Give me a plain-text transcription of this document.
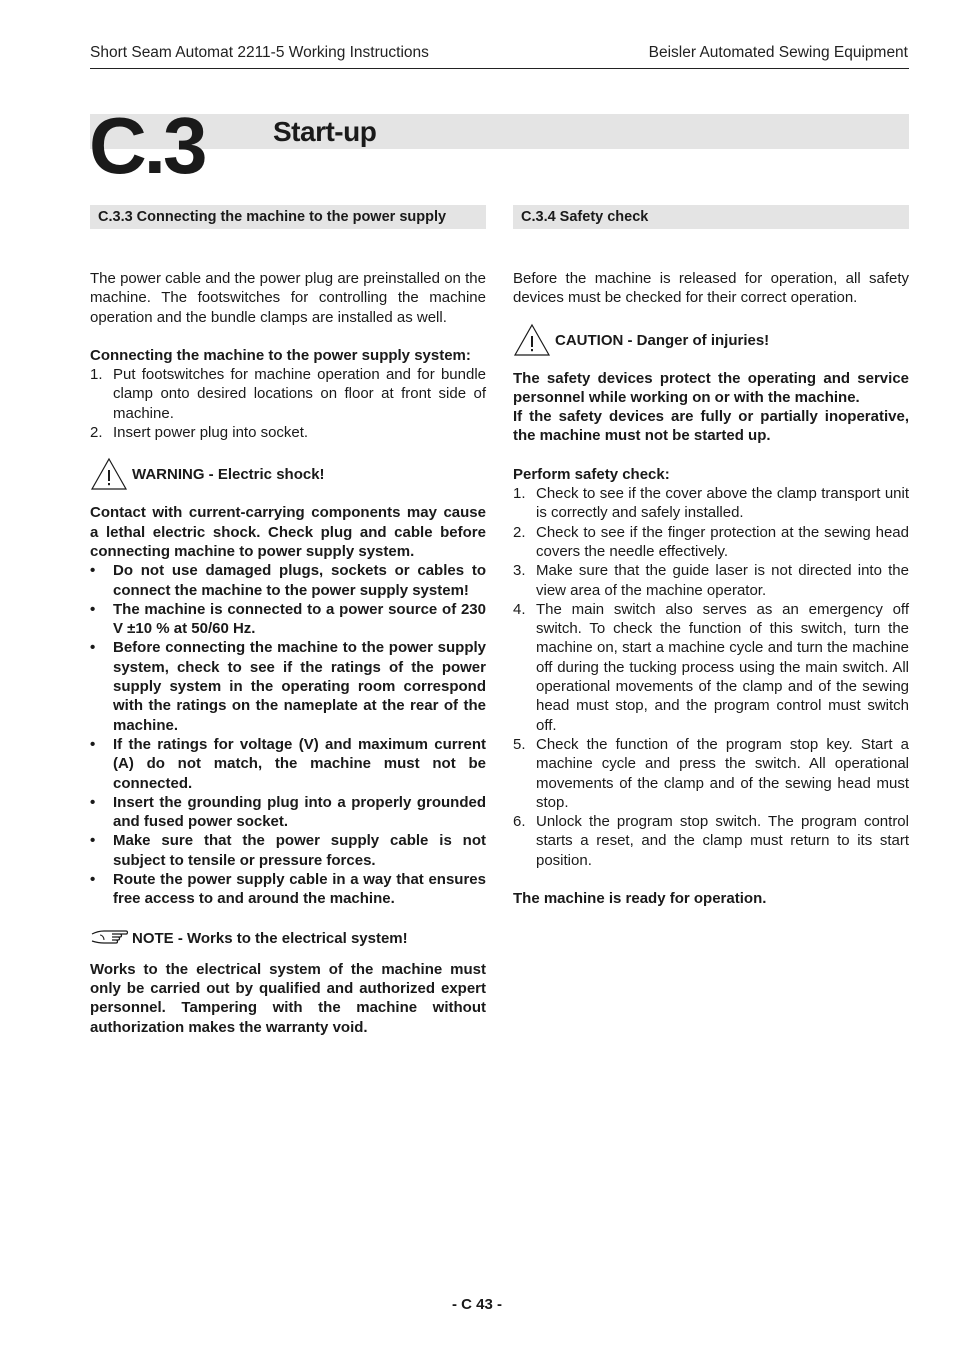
Short Seam Automat 2211-5 Working Instructions	Beisler Automated Sewing Equipment
C.3 Start-up
C.3.3 Connecting the machine to the power supply

The power cable and the power plug are preinstalled on the machine. The footswitches for controlling the machine operation and the bundle clamps are installed as well.

Connecting the machine to the power supply system:

1. Put footswitches for machine operation and for bundle clamp onto desired locations on floor at front side of machine.
2. Insert power plug into socket.
WARNING - Electric shock!

Contact with current-carrying components may cause a lethal electric shock. Check plug and cable before connecting machine to power supply system.

• Do not use damaged plugs, sockets or cables to connect the machine to the power supply system!
• The machine is connected to a power source of 230 V ±10 % at 50/60 Hz.
• Before connecting the machine to the power supply system, check to see if the ratings of the power supply system in the operating room correspond with the ratings on the nameplate at the rear of the machine.
• If the ratings for voltage (V) and maximum current (A) do not match, the machine must not be connected.
• Insert the grounding plug into a properly grounded and fused power socket.
• Make sure that the power supply cable is not subject to tensile or pressure forces.
• Route the power supply cable in a way that ensures free access to and around the machine.
NOTE - Works to the electrical system!

Works to the electrical system of the machine must only be carried out by qualified and authorized expert personnel. Tampering with the machine without authorization makes the warranty void.

C.3.4 Safety check

Before the machine is released for operation, all safety devices must be checked for their correct operation.

CAUTION - Danger of injuries!

The safety devices protect the operating and service personnel while working on or with the machine.

If the safety devices are fully or partially inoperative, the machine must not be started up.

Perform safety check:

1. Check to see if the cover above the clamp transport unit is correctly and safely installed.
2. Check to see if the finger protection at the sewing head covers the needle effectively.
3. Make sure that the guide laser is not directed into the view area of the machine operator.
4. The main switch also serves as an emergency off switch. To check the function of this switch, turn the machine on, start a machine cycle and turn the machine off during the tucking process using the main switch. All operational movements of the clamp and of the sewing head must stop, and the program control must switch off.
5. Check the function of the program stop key. Start a machine cycle and press the switch. All operational movements of the clamp and of the sewing head must stop.
6. Unlock the program stop switch. The program control starts a reset, and the clamp must return to its start position.

The machine is ready for operation.

- C 43 -
